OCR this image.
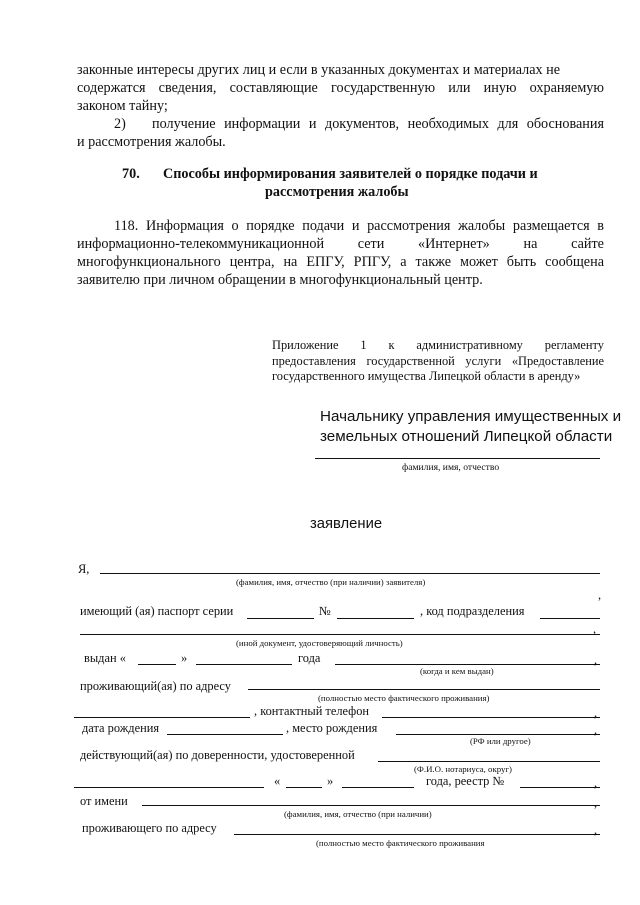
законные интересы других лиц и если в указанных документах и материалах не
содержатся сведения, составляющие государственную или иную охраняемую
законом тайну;
2) получение информации и документов, необходимых для обоснования
и рассмотрения жалобы.
70. Способы информирования заявителей о порядке подачи и
рассмотрения жалобы
118. Информация о порядке подачи и рассмотрения жалобы размещается в
информационно-телекоммуникационной сети «Интернет» на сайте
многофункционального центра, на ЕПГУ, РПГУ, а также может быть сообщена
заявителю при личном обращении в многофункциональный центр.
Приложение 1 к административному регламенту
предоставления государственной услуги «Предоставление
государственного имущества Липецкой области в аренду»
Начальнику управления имущественных и
земельных отношений Липецкой области
фамилия, имя, отчество
заявление
Я,
(фамилия, имя, отчество (при наличии) заявителя)
,
имеющий (ая) паспорт серии	№	, код подразделения
,
(иной документ, удостоверяющий личность)
выдан «	»	года	,
(когда и кем выдан)
проживающий(ая) по адресу
(полностью место фактического проживания)
, контактный телефон	,
дата рождения	, место рождения	,
(РФ или другое)
действующий(ая) по доверенности, удостоверенной
(Ф.И.О. нотариуса, округ)
«	»	года, реестр №	,
от имени	,
(фамилия, имя, отчество (при наличии)
проживающего по адресу	,
(полностью место фактического проживания
